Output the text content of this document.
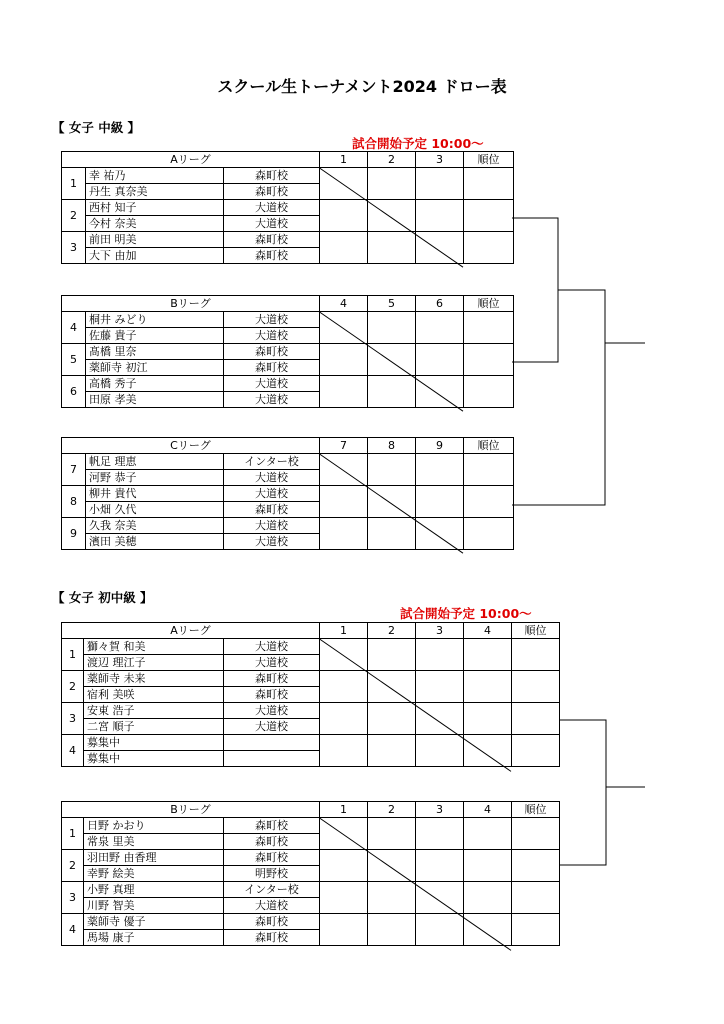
スクール生トーナメント2024 ドロー表
【 女子 中級 】
試合開始予定 10:00～
【 女子 初中級 】
試合開始予定 10:00～
Aリーグ			1	2	3	順位
1	幸 祐乃	森町校				
	丹生 真奈美	森町校				
2	西村 知子	大道校				
	今村 奈美	大道校				
3	前田 明美	森町校				
	大下 由加	森町校				
Bリーグ			4	5	6	順位
4	桐井 みどり	大道校				
	佐藤 貴子	大道校				
5	髙橋 里奈	森町校				
	薬師寺 初江	森町校				
6	高橋 秀子	大道校				
	田原 孝美	大道校				
Cリーグ			7	8	9	順位
7	帆足 理恵	インター校				
	河野 恭子	大道校				
8	柳井 貴代	大道校				
	小畑 久代	森町校				
9	久我 奈美	大道校				
	濱田 美穂	大道校				
Aリーグ			1	2	3	4	順位
1	獅々賀 和美	大道校					
	渡辺 理江子	大道校					
2	薬師寺 未来	森町校					
	宿利 美咲	森町校					
3	安東 浩子	大道校					
	二宮 順子	大道校					
4	募集中						
	募集中						
Bリーグ			1	2	3	4	順位
1	日野 かおり	森町校					
	常泉 里美	森町校					
2	羽田野 由香理	森町校					
	幸野 絵美	明野校					
3	小野 真理	インター校					
	川野 智美	大道校					
4	薬師寺 優子	森町校					
	馬場 康子	森町校					
